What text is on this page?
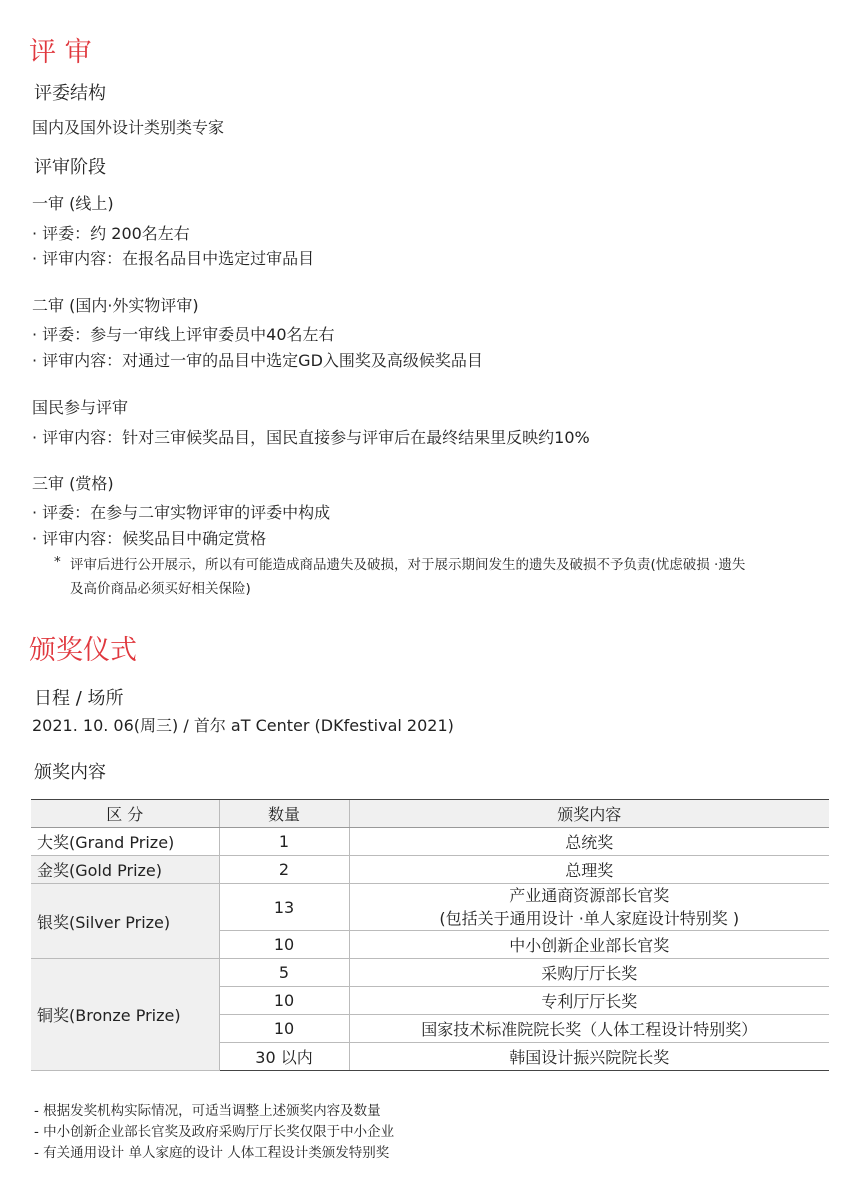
评 审
评委结构
国内及国外设计类别类专家
评审阶段
一审 (线上)
· 评委：约 200名左右
· 评审内容：在报名品目中选定过审品目
二审 (国内·外实物评审)
· 评委：参与一审线上评审委员中40名左右
· 评审内容：对通过一审的品目中选定GD入围奖及高级候奖品目
国民参与评审
· 评审内容：针对三审候奖品目，国民直接参与评审后在最终结果里反映约10%
三审 (赏格)
· 评委：在参与二审实物评审的评委中构成
· 评审内容：候奖品目中确定赏格
* 评审后进行公开展示，所以有可能造成商品遗失及破损，对于展示期间发生的遗失及破损不予负责(忧虑破损 ·遗失
及高价商品必须买好相关保险)
颁奖仪式
日程 / 场所
2021. 10. 06(周三) / 首尔 aT Center (DKfestival 2021)
颁奖内容
区 分	数量	颁奖内容
大奖(Grand Prize)	1	总统奖
金奖(Gold Prize)	2	总理奖
银奖(Silver Prize)	13	产业通商资源部长官奖
(包括关于通用设计 ·单人家庭设计特别奖 )

	10	中小创新企业部长官奖
铜奖(Bronze Prize)	5	采购厅厅长奖
	10	专利厅厅长奖
	10	国家技术标准院院长奖（人体工程设计特别奖）
	30 以内	韩国设计振兴院院长奖
- 根据发奖机构实际情况，可适当调整上述颁奖内容及数量
- 中小创新企业部长官奖及政府采购厅厅长奖仅限于中小企业
- 有关通用设计 单人家庭的设计 人体工程设计类颁发特别奖
